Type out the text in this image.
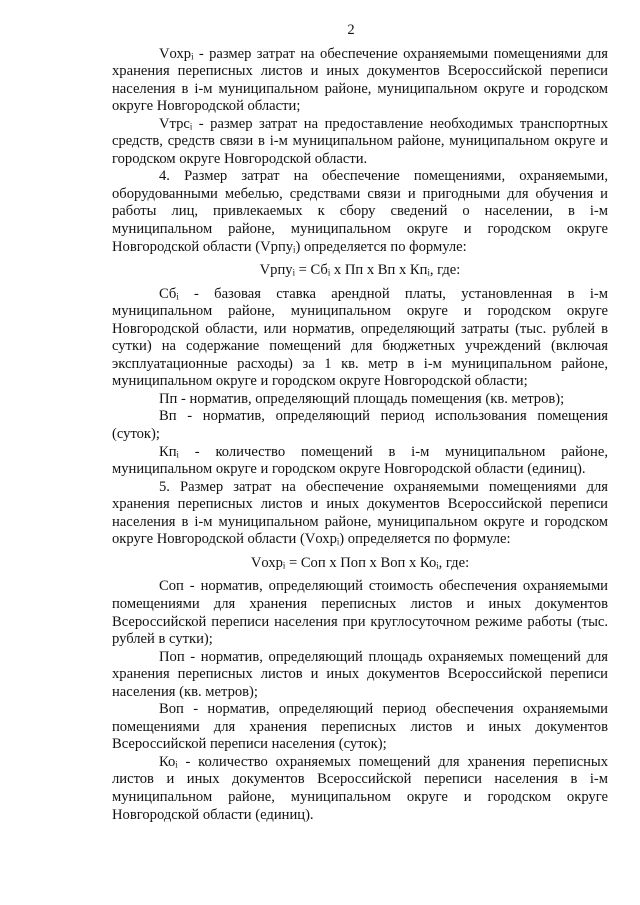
2

Vохрᵢ - размер затрат на обеспечение охраняемыми помещениями для хранения переписных листов и иных документов Всероссийской переписи населения в i-м муниципальном районе, муниципальном округе и городском округе Новгородской области;

Vтрсᵢ - размер затрат на предоставление необходимых транспортных средств, средств связи в i-м муниципальном районе, муниципальном округе и городском округе Новгородской области.

4. Размер затрат на обеспечение помещениями, охраняемыми, оборудованными мебелью, средствами связи и пригодными для обучения и работы лиц, привлекаемых к сбору сведений о населении, в i-м муниципальном районе, муниципальном округе и городском округе Новгородской области (Vрпуᵢ) определяется по формуле:

Vрпуᵢ = Сбᵢ х Пп х Вп х Кпᵢ, где:

Сбᵢ - базовая ставка арендной платы, установленная в i-м муниципальном районе, муниципальном округе и городском округе Новгородской области, или норматив, определяющий затраты (тыс. рублей в сутки) на содержание помещений для бюджетных учреждений (включая эксплуатационные расходы) за 1 кв. метр в i-м муниципальном районе, муниципальном округе и городском округе Новгородской области;

Пп - норматив, определяющий площадь помещения (кв. метров);

Вп - норматив, определяющий период использования помещения (суток);

Кпᵢ - количество помещений в i-м муниципальном районе, муниципальном округе и городском округе Новгородской области (единиц).

5. Размер затрат на обеспечение охраняемыми помещениями для хранения переписных листов и иных документов Всероссийской переписи населения в i-м муниципальном районе, муниципальном округе и городском округе Новгородской области (Vохрᵢ) определяется по формуле:

Vохрᵢ = Соп х Поп х Воп х Коᵢ, где:

Соп - норматив, определяющий стоимость обеспечения охраняемыми помещениями для хранения переписных листов и иных документов Всероссийской переписи населения при круглосуточном режиме работы (тыс. рублей в сутки);

Поп - норматив, определяющий площадь охраняемых помещений для хранения переписных листов и иных документов Всероссийской переписи населения (кв. метров);

Воп - норматив, определяющий период обеспечения охраняемыми помещениями для хранения переписных листов и иных документов Всероссийской переписи населения (суток);

Коᵢ - количество охраняемых помещений для хранения переписных листов и иных документов Всероссийской переписи населения в i-м муниципальном районе, муниципальном округе и городском округе Новгородской области (единиц).
